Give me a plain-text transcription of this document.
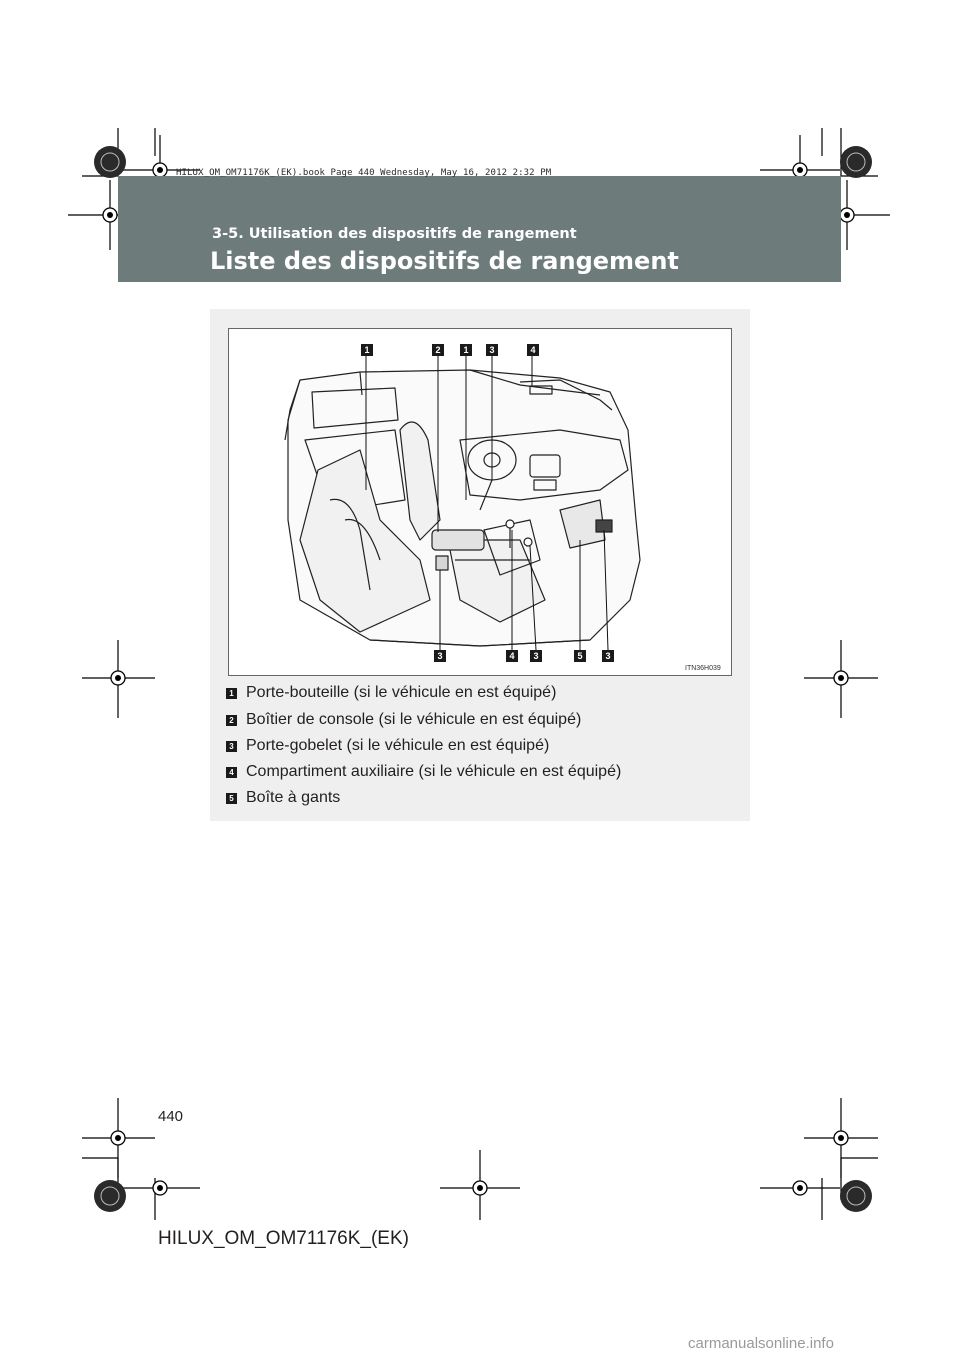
HILUX_OM_OM71176K_(EK).book Page 440 Wednesday, May 16, 2012 2:32 PM
3-5. Utilisation des dispositifs de rangement
Liste des dispositifs de rangement
1	2	1	3	4
3	4	3	5	3
ITN36H039
1 Porte-bouteille (si le véhicule en est équipé)
2 Boîtier de console (si le véhicule en est équipé)
3 Porte-gobelet (si le véhicule en est équipé)
4 Compartiment auxiliaire (si le véhicule en est équipé)
5 Boîte à gants
440
HILUX_OM_OM71176K_(EK)
carmanualsonline.info
